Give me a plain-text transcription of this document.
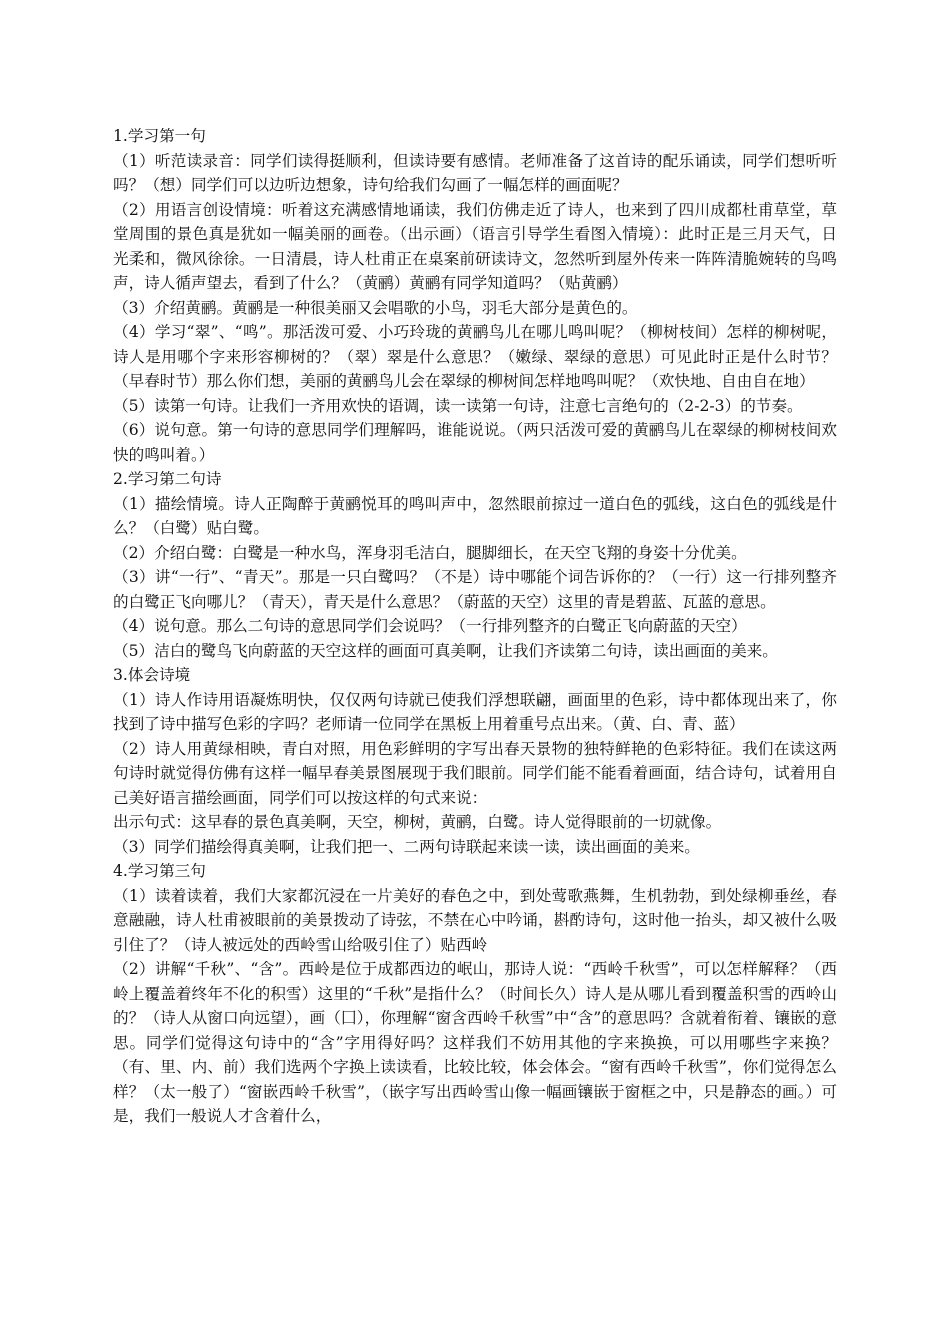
1.学习第一句

（1）听范读录音：同学们读得挺顺利，但读诗要有感情。老师准备了这首诗的配乐诵读，同学们想听听吗？（想）同学们可以边听边想象，诗句给我们勾画了一幅怎样的画面呢？

（2）用语言创设情境：听着这充满感情地诵读，我们仿佛走近了诗人，也来到了四川成都杜甫草堂，草堂周围的景色真是犹如一幅美丽的画卷。（出示画）（语言引导学生看图入情境）：此时正是三月天气，日光柔和，微风徐徐。一日清晨，诗人杜甫正在桌案前研读诗文，忽然听到屋外传来一阵阵清脆婉转的鸟鸣声，诗人循声望去，看到了什么？（黄鹂）黄鹂有同学知道吗？（贴黄鹂）

（3）介绍黄鹂。黄鹂是一种很美丽又会唱歌的小鸟，羽毛大部分是黄色的。

（4）学习“翠”、“鸣”。那活泼可爱、小巧玲珑的黄鹂鸟儿在哪儿鸣叫呢？（柳树枝间）怎样的柳树呢，诗人是用哪个字来形容柳树的？（翠）翠是什么意思？（嫩绿、翠绿的意思）可见此时正是什么时节？（早春时节）那么你们想，美丽的黄鹂鸟儿会在翠绿的柳树间怎样地鸣叫呢？（欢快地、自由自在地）

（5）读第一句诗。让我们一齐用欢快的语调，读一读第一句诗，注意七言绝句的（2-2-3）的节奏。

（6）说句意。第一句诗的意思同学们理解吗，谁能说说。（两只活泼可爱的黄鹂鸟儿在翠绿的柳树枝间欢快的鸣叫着。）

2.学习第二句诗

（1）描绘情境。诗人正陶醉于黄鹂悦耳的鸣叫声中，忽然眼前掠过一道白色的弧线，这白色的弧线是什么？（白鹭）贴白鹭。

（2）介绍白鹭：白鹭是一种水鸟，浑身羽毛洁白，腿脚细长，在天空飞翔的身姿十分优美。

（3）讲“一行”、“青天”。那是一只白鹭吗？（不是）诗中哪能个词告诉你的？（一行）这一行排列整齐的白鹭正飞向哪儿？（青天），青天是什么意思？（蔚蓝的天空）这里的青是碧蓝、瓦蓝的意思。

（4）说句意。那么二句诗的意思同学们会说吗？（一行排列整齐的白鹭正飞向蔚蓝的天空）

（5）洁白的鹭鸟飞向蔚蓝的天空这样的画面可真美啊，让我们齐读第二句诗，读出画面的美来。

3.体会诗境

（1）诗人作诗用语凝炼明快，仅仅两句诗就已使我们浮想联翩，画面里的色彩，诗中都体现出来了，你找到了诗中描写色彩的字吗？老师请一位同学在黑板上用着重号点出来。（黄、白、青、蓝）

（2）诗人用黄绿相映，青白对照，用色彩鲜明的字写出春天景物的独特鲜艳的色彩特征。我们在读这两句诗时就觉得仿佛有这样一幅早春美景图展现于我们眼前。同学们能不能看着画面，结合诗句，试着用自己美好语言描绘画面，同学们可以按这样的句式来说：

出示句式：这早春的景色真美啊，天空，柳树，黄鹂，白鹭。诗人觉得眼前的一切就像。

（3）同学们描绘得真美啊，让我们把一、二两句诗联起来读一读，读出画面的美来。

4.学习第三句

（1）读着读着，我们大家都沉浸在一片美好的春色之中，到处莺歌燕舞，生机勃勃，到处绿柳垂丝，春意融融，诗人杜甫被眼前的美景拨动了诗弦，不禁在心中吟诵，斟酌诗句，这时他一抬头，却又被什么吸引住了？（诗人被远处的西岭雪山给吸引住了）贴西岭

（2）讲解“千秋”、“含”。西岭是位于成都西边的岷山，那诗人说：“西岭千秋雪”，可以怎样解释？（西岭上覆盖着终年不化的积雪）这里的“千秋”是指什么？（时间长久）诗人是从哪儿看到覆盖积雪的西岭山的？（诗人从窗口向远望），画（囗），你理解“窗含西岭千秋雪”中“含”的意思吗？含就着衔着、镶嵌的意思。同学们觉得这句诗中的“含”字用得好吗？这样我们不妨用其他的字来换换，可以用哪些字来换？（有、里、内、前）我们选两个字换上读读看，比较比较，体会体会。“窗有西岭千秋雪”，你们觉得怎么样？（太一般了）“窗嵌西岭千秋雪”，（嵌字写出西岭雪山像一幅画镶嵌于窗框之中，只是静态的画。）可是，我们一般说人才含着什么，
